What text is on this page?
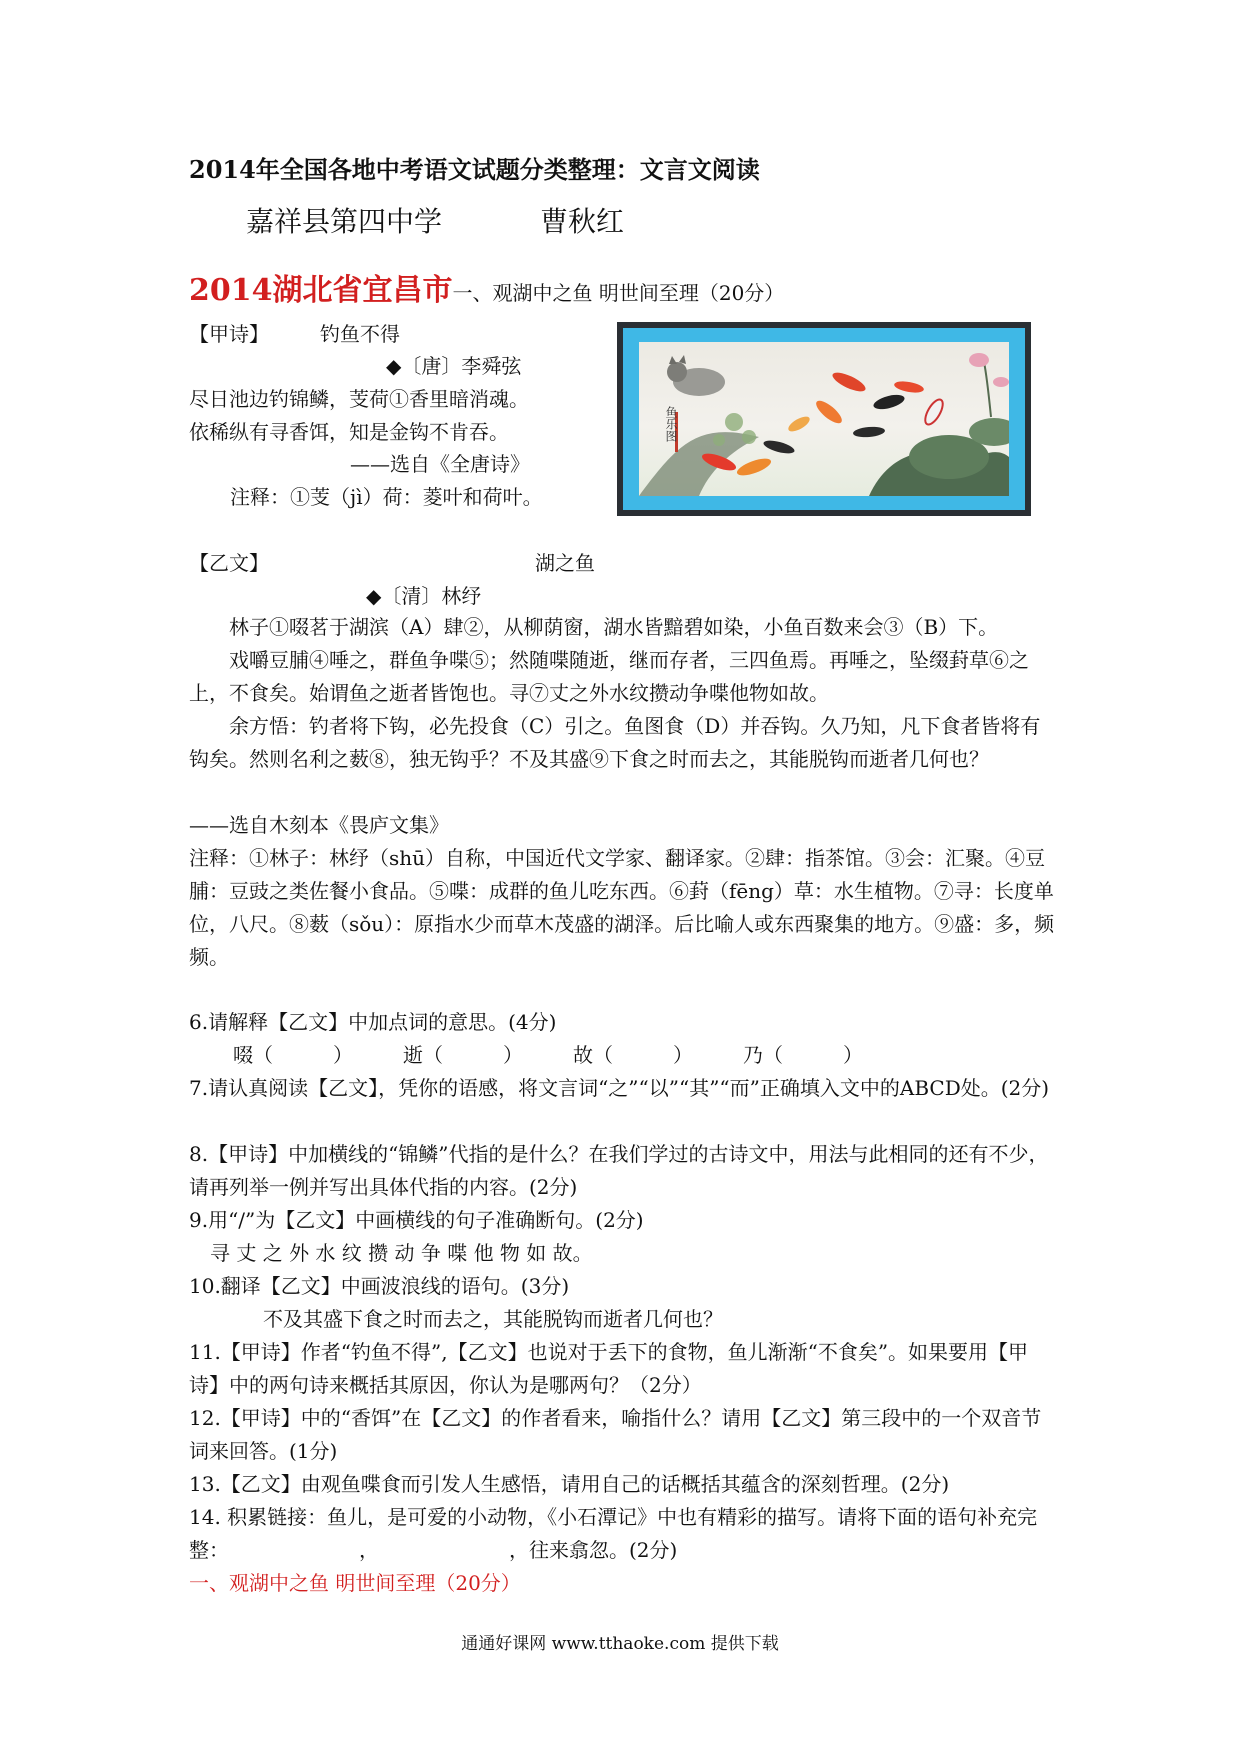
2014年全国各地中考语文试题分类整理：文言文阅读
嘉祥县第四中学	曹秋红
2014湖北省宜昌市一、观湖中之鱼 明世间至理（20分）
【甲诗】	钓鱼不得
◆〔唐〕李舜弦
尽日池边钓锦鳞，芰荷①香里暗消魂。
依稀纵有寻香饵，知是金钩不肯吞。
——选自《全唐诗》
注释：①芰（jì）荷：菱叶和荷叶。
鱼乐图
【乙文】	湖之鱼
◆〔清〕林纾
林子①啜茗于湖滨（A）肆②，从柳荫窗，湖水皆黯碧如染，小鱼百数来会③（B）下。
戏嚼豆脯④唾之，群鱼争喋⑤；然随喋随逝，继而存者，三四鱼焉。再唾之，坠缀葑草⑥之上，不食矣。始谓鱼之逝者皆饱也。寻⑦丈之外水纹攒动争喋他物如故。
余方悟：钓者将下钩，必先投食（C）引之。鱼图食（D）并吞钩。久乃知，凡下食者皆将有钩矣。然则名利之薮⑧，独无钩乎？不及其盛⑨下食之时而去之，其能脱钩而逝者几何也？
——选自木刻本《畏庐文集》
注释：①林子：林纾（shū）自称，中国近代文学家、翻译家。②肆：指茶馆。③会：汇聚。④豆脯：豆豉之类佐餐小食品。⑤喋：成群的鱼儿吃东西。⑥葑（fēng）草：水生植物。⑦寻：长度单位，八尺。⑧薮（sǒu）：原指水少而草木茂盛的湖泽。后比喻人或东西聚集的地方。⑨盛：多，频频。
6.请解释【乙文】中加点词的意思。(4分)
啜（　　　）　　　逝（　　　）　　　故（　　　）　　　乃（　　　）
7.请认真阅读【乙文】，凭你的语感，将文言词“之”“以”“其”“而”正确填入文中的ABCD处。(2分)
8.【甲诗】中加横线的“锦鳞”代指的是什么？在我们学过的古诗文中，用法与此相同的还有不少，请再列举一例并写出具体代指的内容。(2分)
9.用“/”为【乙文】中画横线的句子准确断句。(2分)
寻 丈 之 外 水 纹 攒 动 争 喋 他 物 如 故。
10.翻译【乙文】中画波浪线的语句。(3分)
不及其盛下食之时而去之，其能脱钩而逝者几何也？
11.【甲诗】作者“钓鱼不得”,【乙文】也说对于丢下的食物，鱼儿渐渐“不食矣”。如果要用【甲诗】中的两句诗来概括其原因，你认为是哪两句？（2分）
12.【甲诗】中的“香饵”在【乙文】的作者看来，喻指什么？请用【乙文】第三段中的一个双音节词来回答。(1分)
13.【乙文】由观鱼喋食而引发人生感悟，请用自己的话概括其蕴含的深刻哲理。(2分)
14. 积累链接：鱼儿，是可爱的小动物，《小石潭记》中也有精彩的描写。请将下面的语句补充完整：　　　　　　　，　　　　　　　，往来翕忽。(2分)
一、观湖中之鱼 明世间至理（20分）
通通好课网 www.tthaoke.com 提供下载
